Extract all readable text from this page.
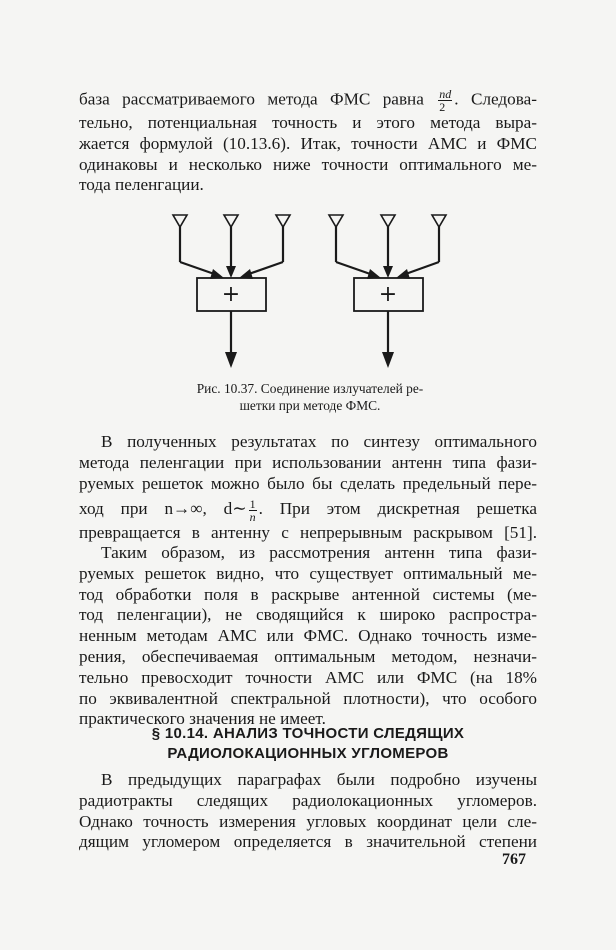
база рассматриваемого метода ФМС равна $\frac{nd}{2}$ . Следова-
тельно, потенциальная точность и этого метода выра-
жается формулой (10.13.6). Итак, точности АМС и ФМС
одинаковы и несколько ниже точности оптимального ме-
тода пеленгации.
+	+
Рис. 10.37. Соединение излучателей ре-
шетки при методе ФМС.
В полученных результатах по синтезу оптимального
метода пеленгации при использовании антенн типа фази-
руемых решеток можно было бы сделать предельный пере-
ход при n→∞, d∼ $\frac{1}{n}$ . При этом дискретная решетка
превращается в антенну с непрерывным раскрывом [51].
Таким образом, из рассмотрения антенн типа фази-
руемых решеток видно, что существует оптимальный ме-
тод обработки поля в раскрыве антенной системы (ме-
тод пеленгации), не сводящийся к широко распростра-
ненным методам АМС или ФМС. Однако точность изме-
рения, обеспечиваемая оптимальным методом, незначи-
тельно превосходит точности АМС или ФМС (на 18%
по эквивалентной спектральной плотности), что особого
практического значения не имеет.
§ 10.14. АНАЛИЗ ТОЧНОСТИ СЛЕДЯЩИХ
РАДИОЛОКАЦИОННЫХ УГЛОМЕРОВ
В предыдущих параграфах были подробно изучены
радиотракты следящих радиолокационных угломеров.
Однако точность измерения угловых координат цели сле-
дящим угломером определяется в значительной степени
767
